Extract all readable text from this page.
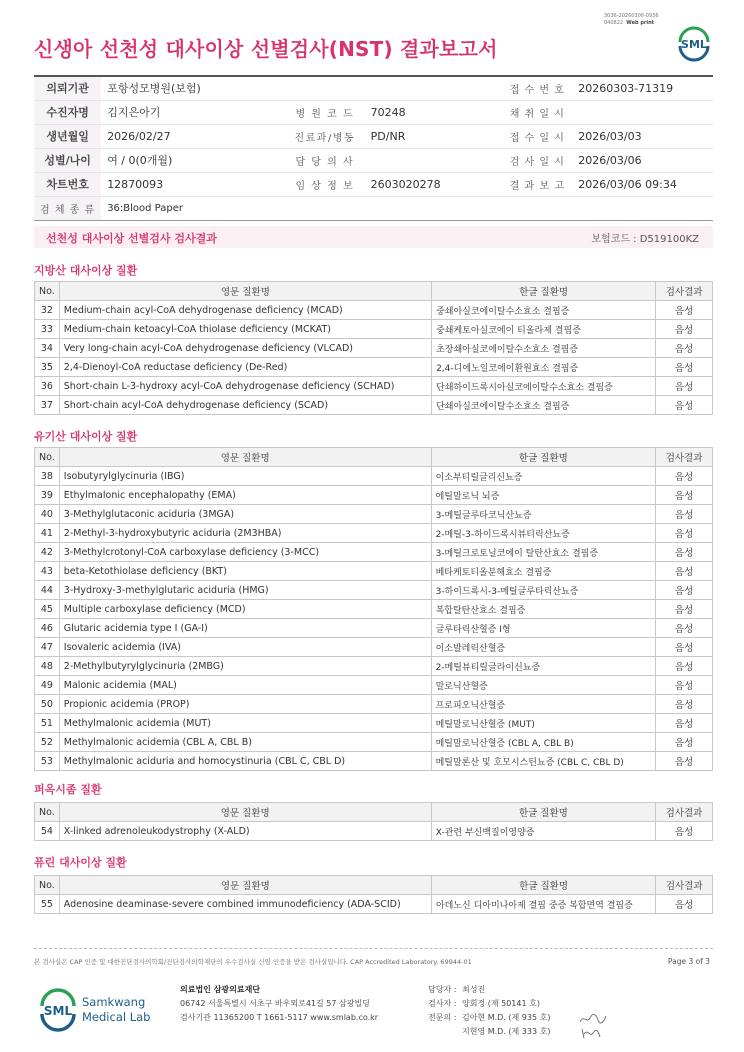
3036-20260306-0936
040822 Web print
신생아 선천성 대사이상 선별검사(NST) 결과보고서	SML
의뢰기관	포항성모병원(보험)			접 수 번 호	20260303-71319
수진자명	김지은아기	병 원 코 드	70248	채 취 일 시	
생년월일	2026/02/27	진료과/병동	PD/NR	접 수 일 시	2026/03/03
성별/나이	여 / 0(0개월)	담 당 의 사		검 사 일 시	2026/03/06
차트번호	12870093	임 상 정 보	2603020278	결 과 보 고	2026/03/06 09:34
검 체 종 류	36:Blood Paper				
선천성 대사이상 선별검사 검사결과	보험코드 : D519100KZ
지방산 대사이상 질환
No.	영문 질환명	한글 질환명	검사결과
32	Medium-chain acyl-CoA dehydrogenase deficiency (MCAD)	중쇄아실코에이탈수소효소 결핍증	음성
33	Medium-chain ketoacyl-CoA thiolase deficiency (MCKAT)	중쇄케토아실코에이 티올라제 결핍증	음성
34	Very long-chain acyl-CoA dehydrogenase deficiency (VLCAD)	초장쇄아실코에이탈수소효소 결핍증	음성
35	2,4-Dienoyl-CoA reductase deficiency (De-Red)	2,4-디에노일코에이환원효소 결핍증	음성
36	Short-chain L-3-hydroxy acyl-CoA dehydrogenase deficiency (SCHAD)	단쇄하이드록시아실코에이탈수소효소 결핍증	음성
37	Short-chain acyl-CoA dehydrogenase deficiency (SCAD)	단쇄아실코에이탈수소효소 결핍증	음성
유기산 대사이상 질환
No.	영문 질환명	한글 질환명	검사결과
38	Isobutyrylglycinuria (IBG)	이소부티릴글리신뇨증	음성
39	Ethylmalonic encephalopathy (EMA)	에틸말로닉 뇌증	음성
40	3-Methylglutaconic aciduria (3MGA)	3-메틸글루타코닉산뇨증	음성
41	2-Methyl-3-hydroxybutyric aciduria (2M3HBA)	2-메틸-3-하이드록시뷰티릭산뇨증	음성
42	3-Methylcrotonyl-CoA carboxylase deficiency (3-MCC)	3-메틸크로토닐코에이 탈탄산효소 결핍증	음성
43	beta-Ketothiolase deficiency (BKT)	베타케토티올분해효소 결핍증	음성
44	3-Hydroxy-3-methylglutaric aciduria (HMG)	3-하이드록시-3-메틸글루타릭산뇨증	음성
45	Multiple carboxylase deficiency (MCD)	복합탈탄산효소 결핍증	음성
46	Glutaric acidemia type I (GA-I)	글루타릭산혈증 I형	음성
47	Isovaleric acidemia (IVA)	이소발레릭산혈증	음성
48	2-Methylbutyrylglycinuria (2MBG)	2-메틸뷰티릴글라이신뇨증	음성
49	Malonic acidemia (MAL)	말로닉산혈증	음성
50	Propionic acidemia (PROP)	프로피오닉산혈증	음성
51	Methylmalonic acidemia (MUT)	메틸말로닉산혈증 (MUT)	음성
52	Methylmalonic acidemia (CBL A, CBL B)	메틸말로닉산혈증 (CBL A, CBL B)	음성
53	Methylmalonic aciduria and homocystinuria (CBL C, CBL D)	메틸말론산 및 호모시스틴뇨증 (CBL C, CBL D)	음성
퍼옥시좀 질환
No.	영문 질환명	한글 질환명	검사결과
54	X-linked adrenoleukodystrophy (X-ALD)	X-관련 부신백질이영양증	음성
퓨린 대사이상 질환
No.	영문 질환명	한글 질환명	검사결과
55	Adenosine deaminase-severe combined immunodeficiency (ADA-SCID)	아데노신 디아미나아제 결핍 중증 복합면역 결핍증	음성
본 검사실은 CAP 인증 및 대한진단검사의학회/진단검사의학재단의 우수검사실 신임 인증을 받은 검사실입니다. CAP Accredited Laboratory. 69944-01	Page 3 of 3
SML
Samkwang
Medical Lab
의료법인 삼광의료재단
06742 서울특별시 서초구 바우뫼로41길 57 삼광빌딩
검사기관 11365200 T 1661-5117 www.smlab.co.kr
담당자 : 최성진
검사자 : 양회정 (제 50141 호)
전문의 : 김아현 M.D. (제 935 호)
지현영 M.D. (제 333 호)
